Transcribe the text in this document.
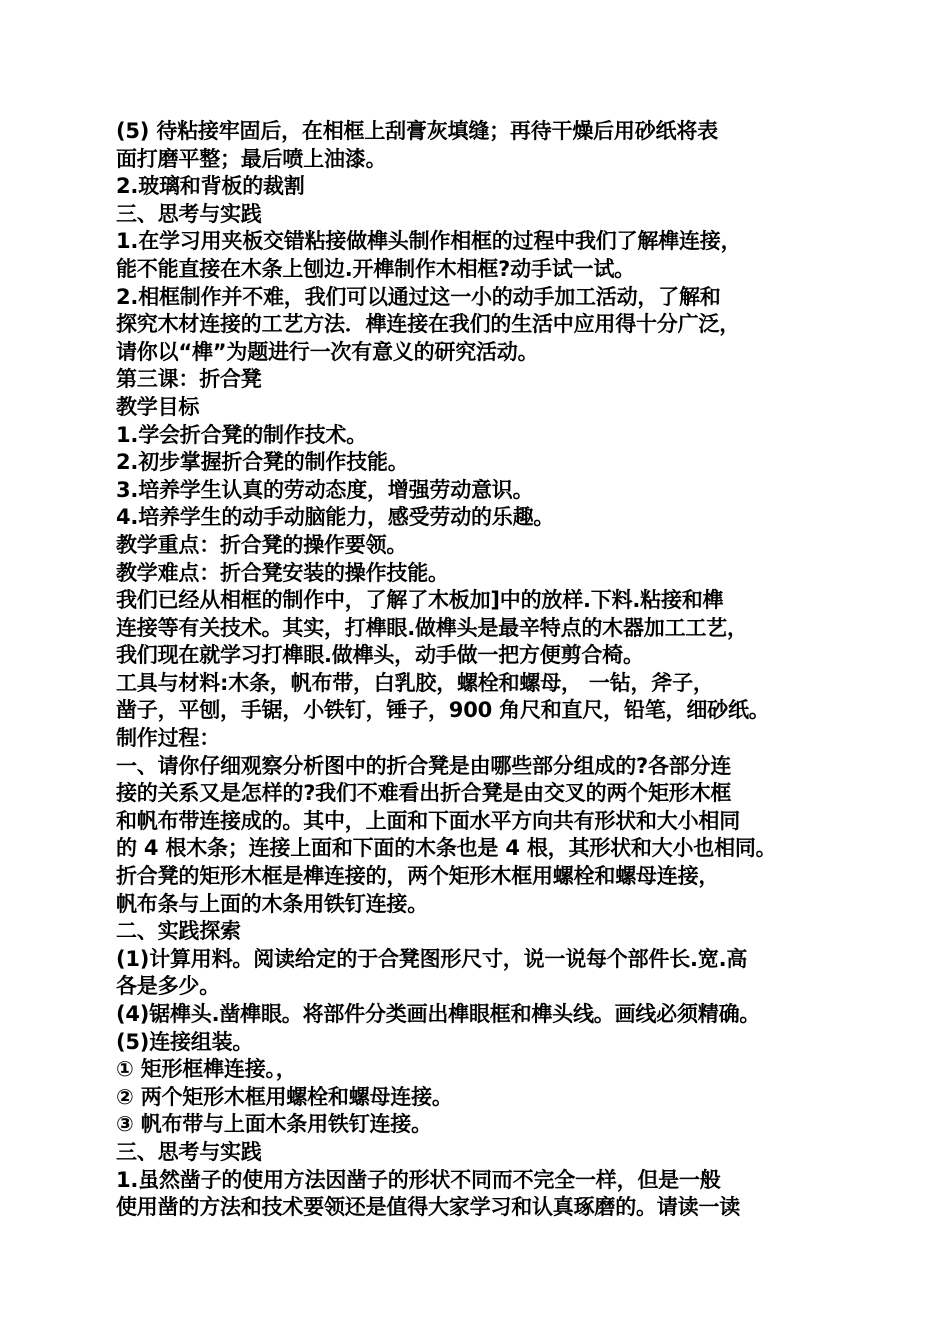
(5) 待粘接牢固后，在相框上刮膏灰填缝；再待干燥后用砂纸将表
面打磨平整；最后喷上油漆。
2.玻璃和背板的裁割
三、思考与实践
1.在学习用夹板交错粘接做榫头制作相框的过程中我们了解榫连接，
能不能直接在木条上刨边.开榫制作木相框?动手试一试。
2.相框制作并不难，我们可以通过这一小的动手加工活动，了解和
探究木材连接的工艺方法．榫连接在我们的生活中应用得十分广泛，
请你以“榫”为题进行一次有意义的研究活动。
第三课：折合凳
教学目标
1.学会折合凳的制作技术。
2.初步掌握折合凳的制作技能。
3.培养学生认真的劳动态度，增强劳动意识。
4.培养学生的动手动脑能力，感受劳动的乐趣。
教学重点：折合凳的操作要领。
教学难点：折合凳安装的操作技能。
我们已经从相框的制作中，了解了木板加]中的放样.下料.粘接和榫
连接等有关技术。其实，打榫眼.做榫头是最辛特点的木器加工工艺，
我们现在就学习打榫眼.做榫头，动手做一把方便剪合椅。
工具与材料:木条，帆布带，白乳胶，螺栓和螺母， 一钻，斧子，
凿子，平刨，手锯，小铁钉，锤子，900 角尺和直尺，铅笔，细砂纸。
制作过程：
一、请你仔细观察分析图中的折合凳是由哪些部分组成的?各部分连
接的关系又是怎样的?我们不难看出折合凳是由交叉的两个矩形木框
和帆布带连接成的。其中，上面和下面水平方向共有形状和大小相同
的 4 根木条；连接上面和下面的木条也是 4 根，其形状和大小也相同。
折合凳的矩形木框是榫连接的，两个矩形木框用螺栓和螺母连接，
帆布条与上面的木条用铁钉连接。
二、实践探索
(1)计算用料。阅读给定的于合凳图形尺寸，说一说每个部件长.宽.高
各是多少。
(4)锯榫头.凿榫眼。将部件分类画出榫眼框和榫头线。画线必须精确。
(5)连接组装。
① 矩形框榫连接。，
② 两个矩形木框用螺栓和螺母连接。
③ 帆布带与上面木条用铁钉连接。
三、思考与实践
1.虽然凿子的使用方法因凿子的形状不同而不完全一样，但是一般
使用凿的方法和技术要领还是值得大家学习和认真琢磨的。请读一读
